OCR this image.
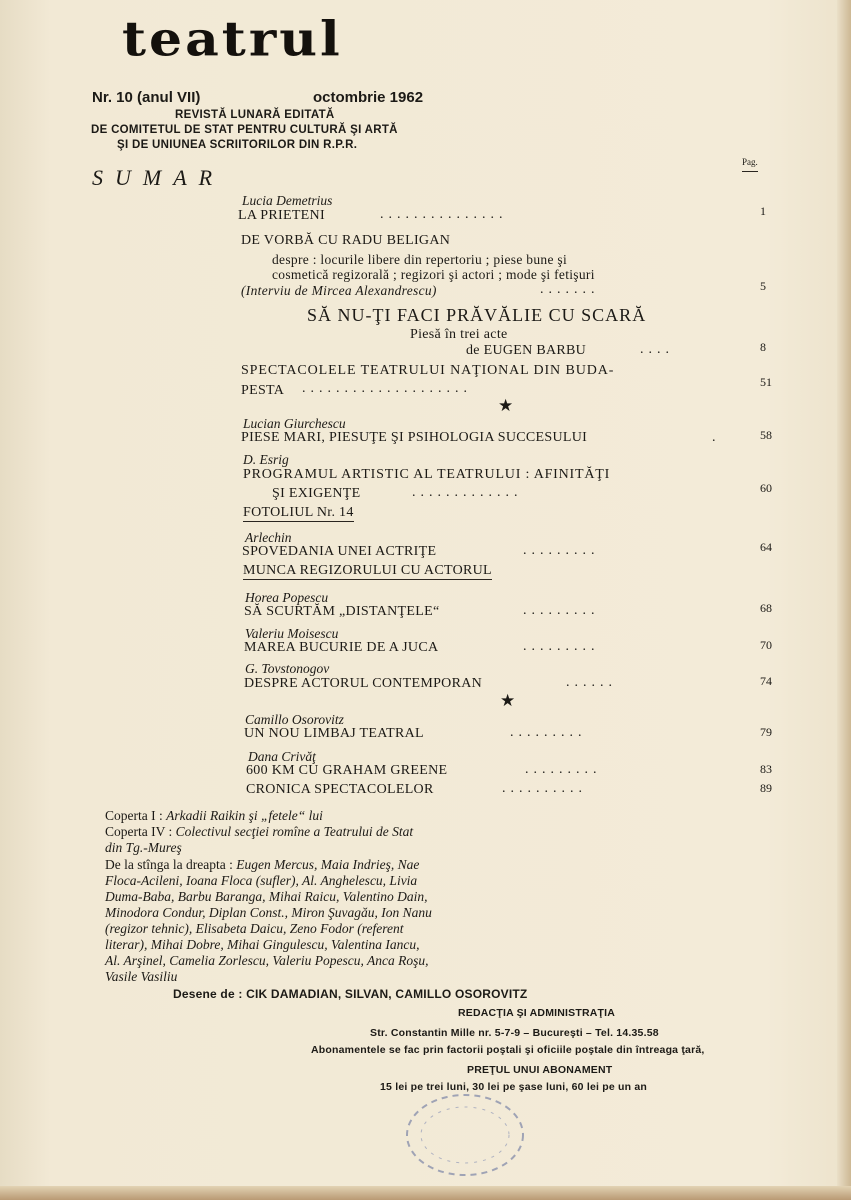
teatrul
Nr. 10 (anul VII)	octombrie 1962
REVISTĂ LUNARĂ EDITATĂ
DE COMITETUL DE STAT PENTRU CULTURĂ ŞI ARTĂ
ŞI DE UNIUNEA SCRIITORILOR DIN R.P.R.
SUMAR
Pag.
Lucia Demetrius
LA PRIETENI	...............	1
DE VORBĂ CU RADU BELIGAN
despre : locurile libere din repertoriu ; piese bune şi
cosmetică regizorală ; regizori şi actori ; mode şi fetişuri
(Interviu de Mircea Alexandrescu)	.......	5
SĂ NU-ŢI FACI PRĂVĂLIE CU SCARĂ
Piesă în trei acte
de EUGEN BARBU	....	8
SPECTACOLELE TEATRULUI NAŢIONAL DIN BUDA-
PESTA ....................	51
★
Lucian Giurchescu
PIESE MARI, PIESUŢE ŞI PSIHOLOGIA SUCCESULUI	.	58
D. Esrig
PROGRAMUL ARTISTIC AL TEATRULUI : AFINITĂŢI
ŞI EXIGENŢE	.............	60
FOTOLIUL Nr. 14
Arlechin
SPOVEDANIA UNEI ACTRIŢE	.........	64
MUNCA REGIZORULUI CU ACTORUL
Horea Popescu
SĂ SCURTĂM „DISTANŢELE“	.........	68
Valeriu Moisescu
MAREA BUCURIE DE A JUCA	.........	70
G. Tovstonogov
DESPRE ACTORUL CONTEMPORAN	......	74
★
Camillo Osorovitz
UN NOU LIMBAJ TEATRAL	.........	79
Dana Crivăţ
600 KM CU GRAHAM GREENE	.........	83
CRONICA SPECTACOLELOR	..........	89
Coperta I : Arkadii Raikin şi „fetele“ lui
Coperta IV : Colectivul secţiei romîne a Teatrului de Stat
din Tg.-Mureş
De la stînga la dreapta : Eugen Mercus, Maia Indrieş, Nae
Floca-Acileni, Ioana Floca (sufler), Al. Anghelescu, Livia
Duma-Baba, Barbu Baranga, Mihai Raicu, Valentino Dain,
Minodora Condur, Diplan Const., Miron Şuvagău, Ion Nanu
(regizor tehnic), Elisabeta Daicu, Zeno Fodor (referent
literar), Mihai Dobre, Mihai Gingulescu, Valentina Iancu,
Al. Arşinel, Camelia Zorlescu, Valeriu Popescu, Anca Roşu,
Vasile Vasiliu
Desene de : CIK DAMADIAN, SILVAN, CAMILLO OSOROVITZ
REDACŢIA ŞI ADMINISTRAŢIA
Str. Constantin Mille nr. 5-7-9 – Bucureşti – Tel. 14.35.58
Abonamentele se fac prin factorii poştali şi oficiile poştale din întreaga ţară,
PREŢUL UNUI ABONAMENT
15 lei pe trei luni, 30 lei pe şase luni, 60 lei pe un an
